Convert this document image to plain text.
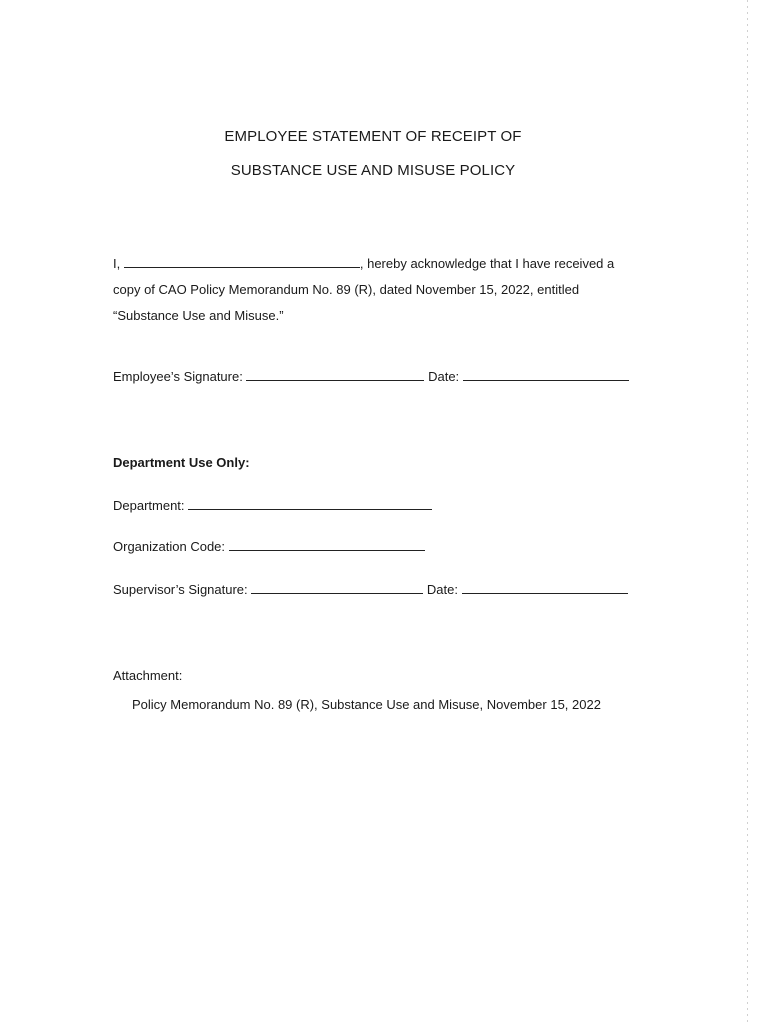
EMPLOYEE STATEMENT OF RECEIPT OF
SUBSTANCE USE AND MISUSE POLICY
I,	, hereby acknowledge that I have received a
copy of CAO Policy Memorandum No. 89 (R), dated November 15, 2022, entitled
“Substance Use and Misuse.”
Employee’s Signature:	Date:
Department Use Only:
Department:
Organization Code:
Supervisor’s Signature:	Date:
Attachment:
Policy Memorandum No. 89 (R), Substance Use and Misuse, November 15, 2022
